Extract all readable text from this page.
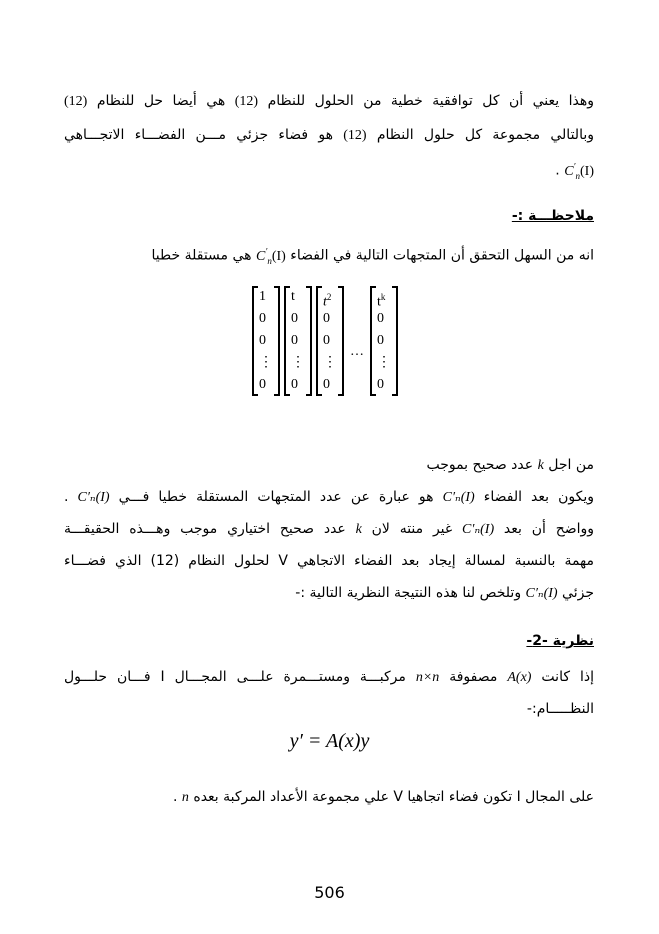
وهذا يعني أن كل توافقية خطية من الحلول للنظام (12) هي أيضا حل للنظام (12)
وبالتالي مجموعة كل حلول النظام (12) هو فضاء جزئي مـــن الفضـــاء الاتجـــاهي
$C'_n(I)$ .
ملاحظـــة :-
انه من السهل التحقق أن المتجهات التالية في الفضاء $C'_n(I)$ هي مستقلة خطيا
1
0
0
⋮
0
t
0
0
⋮
0
$t^2$
0
0
⋮
0
…
$t^k$
0
0
⋮
0
من اجل k عدد صحيح بموجب
ويكون بعد الفضاء C′ₙ(I) هو عبارة عن عدد المتجهات المستقلة خطيا فـــي C′ₙ(I) .
وواضح أن بعد C′ₙ(I) غير منته لان k عدد صحيح اختياري موجب وهـــذه الحقيقـــة
مهمة بالنسبة لمسالة إيجاد بعد الفضاء الاتجاهي V لحلول النظام (12) الذي فضـــاء
جزئي C′ₙ(I) وتلخص لنا هذه النتيجة النظرية التالية :-
نظرية -2-
إذا كانت A(x) مصفوفة n×n مركبـــة ومستـــمرة علـــى المجـــال I فـــان حلـــول
النظـــــام:-
y′ = A(x)y
على المجال I تكون فضاء اتجاهيا V علي مجموعة الأعداد المركبة بعده n .
506
